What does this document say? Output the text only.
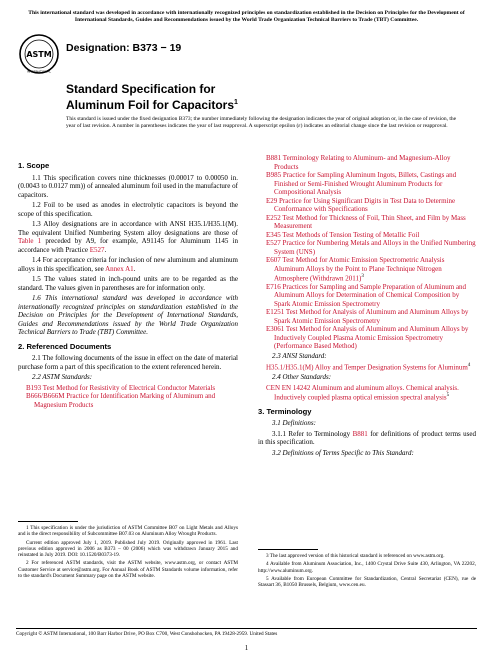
This international standard was developed in accordance with internationally recognized principles on standardization established in the Decision on Principles for the Development of International Standards, Guides and Recommendations issued by the World Trade Organization Technical Barriers to Trade (TBT) Committee.
ASTM
INTERNATIONAL
Designation: B373 − 19
Standard Specification for
Aluminum Foil for Capacitors$^1$
This standard is issued under the fixed designation B373; the number immediately following the designation indicates the year of original adoption or, in the case of revision, the year of last revision. A number in parentheses indicates the year of last reapproval. A superscript epsilon (ε) indicates an editorial change since the last revision or reapproval.
1. Scope

1.1 This specification covers nine thicknesses (0.00017 to 0.00050 in. (0.0043 to 0.0127 mm)) of annealed aluminum foil used in the manufacture of capacitors.

1.2 Foil to be used as anodes in electrolytic capacitors is beyond the scope of this specification.

1.3 Alloy designations are in accordance with ANSI H35.1/H35.1(M). The equivalent Unified Numbering System alloy designations are those of Table 1 preceded by A9, for example, A91145 for Aluminum 1145 in accordance with Practice E527.

1.4 For acceptance criteria for inclusion of new aluminum and aluminum alloys in this specification, see Annex A1.

1.5 The values stated in inch-pound units are to be regarded as the standard. The values given in parentheses are for information only.

1.6 This international standard was developed in accordance with internationally recognized principles on standardization established in the Decision on Principles for the Development of International Standards, Guides and Recommendations issued by the World Trade Organization Technical Barriers to Trade (TBT) Committee.

2. Referenced Documents

2.1 The following documents of the issue in effect on the date of material purchase form a part of this specification to the extent referenced herein.

2.2 ASTM Standards:

B193 Test Method for Resistivity of Electrical Conductor Materials

B666/B666M Practice for Identification Marking of Aluminum and Magnesium Products

B881 Terminology Relating to Aluminum- and Magnesium-Alloy Products

B985 Practice for Sampling Aluminum Ingots, Billets, Castings and Finished or Semi-Finished Wrought Aluminum Products for Compositional Analysis

E29 Practice for Using Significant Digits in Test Data to Determine Conformance with Specifications

E252 Test Method for Thickness of Foil, Thin Sheet, and Film by Mass Measurement

E345 Test Methods of Tension Testing of Metallic Foil

E527 Practice for Numbering Metals and Alloys in the Unified Numbering System (UNS)

E607 Test Method for Atomic Emission Spectrometric Analysis Aluminum Alloys by the Point to Plane Technique Nitrogen Atmosphere (Withdrawn 2011)$^3$

E716 Practices for Sampling and Sample Preparation of Aluminum and Aluminum Alloys for Determination of Chemical Composition by Spark Atomic Emission Spectrometry

E1251 Test Method for Analysis of Aluminum and Aluminum Alloys by Spark Atomic Emission Spectrometry

E3061 Test Method for Analysis of Aluminum and Aluminum Alloys by Inductively Coupled Plasma Atomic Emission Spectrometry (Performance Based Method)

2.3 ANSI Standard:

H35.1/H35.1(M) Alloy and Temper Designation Systems for Aluminum$^4$

2.4 Other Standards:

CEN EN 14242 Aluminum and aluminum alloys. Chemical analysis. Inductively coupled plasma optical emission spectral analysis$^5$

3. Terminology

3.1 Definitions:

3.1.1 Refer to Terminology B881 for definitions of product terms used in this specification.

3.2 Definitions of Terms Specific to This Standard:

1 This specification is under the jurisdiction of ASTM Committee B07 on Light Metals and Alloys and is the direct responsibility of Subcommittee B07.03 on Aluminum Alloy Wrought Products.

Current edition approved July 1, 2019. Published July 2019. Originally approved in 1961. Last previous edition approved in 2006 as B373 – 00 (2006) which was withdrawn January 2015 and reinstated in July 2019. DOI: 10.1520/B0373-19.

2 For referenced ASTM standards, visit the ASTM website, www.astm.org, or contact ASTM Customer Service at service@astm.org. For Annual Book of ASTM Standards volume information, refer to the standard's Document Summary page on the ASTM website.

3 The last approved version of this historical standard is referenced on www.astm.org.

4 Available from Aluminum Association, Inc., 1400 Crystal Drive Suite 430, Arlington, VA 22202, http://www.aluminum.org.

5 Available from European Committee for Standardization, Central Secretariat (CEN), rue de Stassart 36, B1050 Brussels, Belgium, www.cen.eu.

Copyright © ASTM International, 100 Barr Harbor Drive, PO Box C700, West Conshohocken, PA 19428-2959. United States
1
